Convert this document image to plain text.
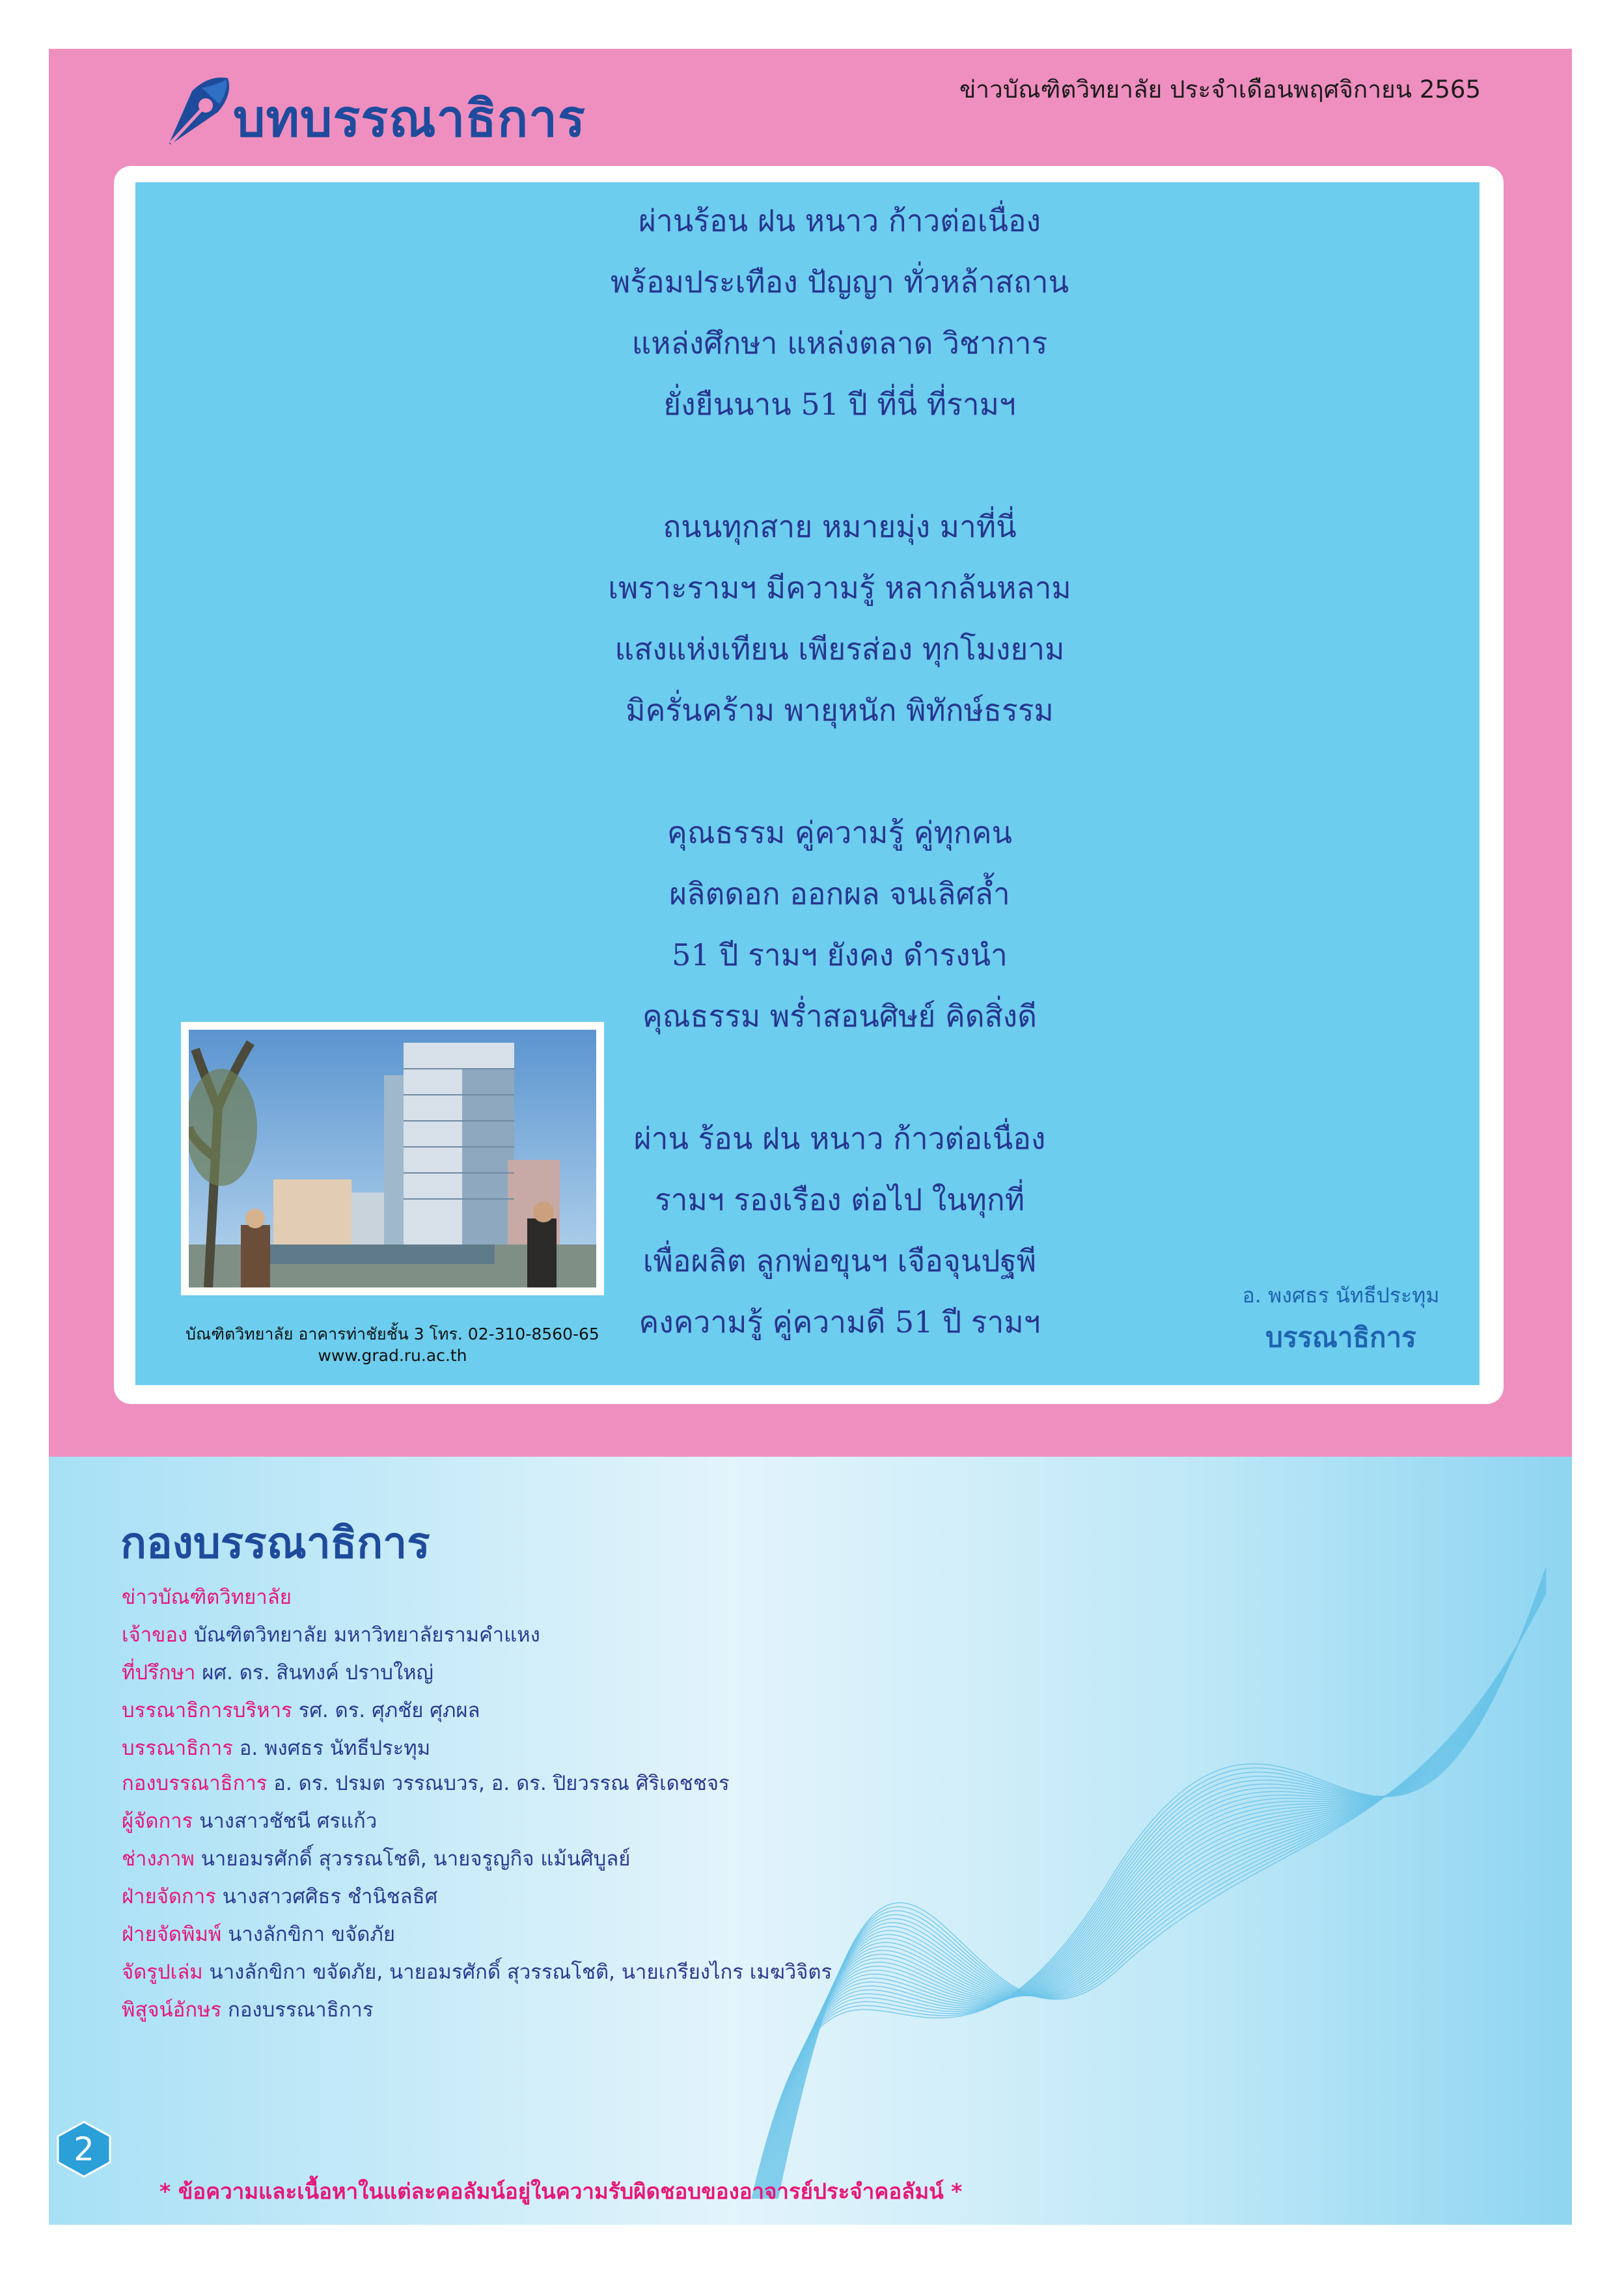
บทบรรณาธิการ
ข่าวบัณฑิตวิทยาลัย ประจำเดือนพฤศจิกายน 2565
ผ่านร้อน ฝน หนาว ก้าวต่อเนื่อง
พร้อมประเทือง ปัญญา ทั่วหล้าสถาน
แหล่งศึกษา แหล่งตลาด วิชาการ
ยั่งยืนนาน 51 ปี ที่นี่ ที่รามฯ
ถนนทุกสาย หมายมุ่ง มาที่นี่
เพราะรามฯ มีความรู้ หลากล้นหลาม
แสงแห่งเทียน เพียรส่อง ทุกโมงยาม
มิครั่นคร้าม พายุหนัก พิทักษ์ธรรม
คุณธรรม คู่ความรู้ คู่ทุกคน
ผลิตดอก ออกผล จนเลิศล้ำ
51 ปี รามฯ ยังคง ดำรงนำ
คุณธรรม พร่ำสอนศิษย์ คิดสิ่งดี
ผ่าน ร้อน ฝน หนาว ก้าวต่อเนื่อง
รามฯ รองเรือง ต่อไป ในทุกที่
เพื่อผลิต ลูกพ่อขุนฯ เจือจุนปฐพี
คงความรู้ คู่ความดี 51 ปี รามฯ
บัณฑิตวิทยาลัย อาคารท่าชัยชั้น 3 โทร. 02-310-8560-65
www.grad.ru.ac.th
อ. พงศธร นัทธีประทุม
บรรณาธิการ
กองบรรณาธิการ
ข่าวบัณฑิตวิทยาลัย
เจ้าของ บัณฑิตวิทยาลัย มหาวิทยาลัยรามคำแหง
ที่ปรึกษา ผศ. ดร. สินทงค์ ปราบใหญ่
บรรณาธิการบริหาร รศ. ดร. ศุภชัย ศุภผล
บรรณาธิการ อ. พงศธร นัทธีประทุม
กองบรรณาธิการ อ. ดร. ปรมต วรรณบวร, อ. ดร. ปิยวรรณ ศิริเดชชจร
ผู้จัดการ นางสาวชัชนี ศรแก้ว
ช่างภาพ นายอมรศักดิ์ สุวรรณโชติ, นายจรูญกิจ แม้นศิบูลย์
ฝ่ายจัดการ นางสาวศศิธร ชำนิชลธิศ
ฝ่ายจัดพิมพ์ นางลักขิกา ขจัดภัย
จัดรูปเล่ม นางลักขิกา ขจัดภัย, นายอมรศักดิ์ สุวรรณโชติ, นายเกรียงไกร เมฆวิจิตร
พิสูจน์อักษร กองบรรณาธิการ
2
* ข้อความและเนื้อหาในแต่ละคอลัมน์อยู่ในความรับผิดชอบของอาจารย์ประจำคอลัมน์ *
